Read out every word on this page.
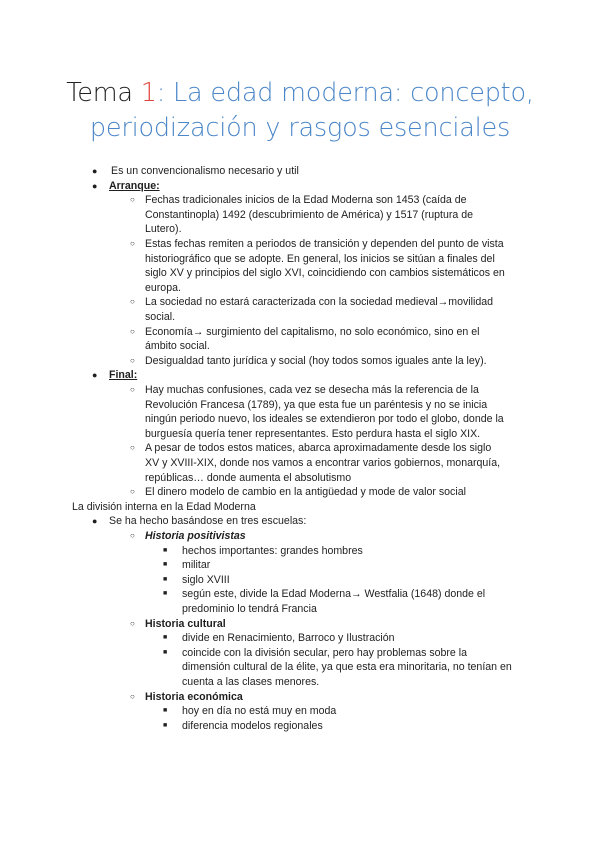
Tema 1: La edad moderna: concepto,
periodización y rasgos esenciales
● Es un convencionalismo necesario y util
● Arranque:
○ Fechas tradicionales inicios de la Edad Moderna son 1453 (caída de
Constantinopla) 1492 (descubrimiento de América) y 1517 (ruptura de
Lutero).
○ Estas fechas remiten a periodos de transición y dependen del punto de vista
historiográfico que se adopte. En general, los inicios se sitúan a finales del
siglo XV y principios del siglo XVI, coincidiendo con cambios sistemáticos en
europa.
○ La sociedad no estará caracterizada con la sociedad medieval→movilidad
social.
○ Economía→ surgimiento del capitalismo, no solo económico, sino en el
ámbito social.
○ Desigualdad tanto jurídica y social (hoy todos somos iguales ante la ley).
● Final:
○ Hay muchas confusiones, cada vez se desecha más la referencia de la
Revolución Francesa (1789), ya que esta fue un paréntesis y no se inicia
ningún periodo nuevo, los ideales se extendieron por todo el globo, donde la
burguesía quería tener representantes. Esto perdura hasta el siglo XIX.
○ A pesar de todos estos matices, abarca aproximadamente desde los siglo
XV y XVIII-XIX, donde nos vamos a encontrar varios gobiernos, monarquía,
repúblicas… donde aumenta el absolutismo
○ El dinero modelo de cambio en la antigüedad y mode de valor social
La división interna en la Edad Moderna
● Se ha hecho basándose en tres escuelas:
○ Historia positivistas
■ hechos importantes: grandes hombres
■ militar
■ siglo XVIII
■ según este, divide la Edad Moderna→ Westfalia (1648) donde el
predominio lo tendrá Francia
○ Historia cultural
■ divide en Renacimiento, Barroco y Ilustración
■ coincide con la división secular, pero hay problemas sobre la
dimensión cultural de la élite, ya que esta era minoritaria, no tenían en
cuenta a las clases menores.
○ Historia económica
■ hoy en día no está muy en moda
■ diferencia modelos regionales
